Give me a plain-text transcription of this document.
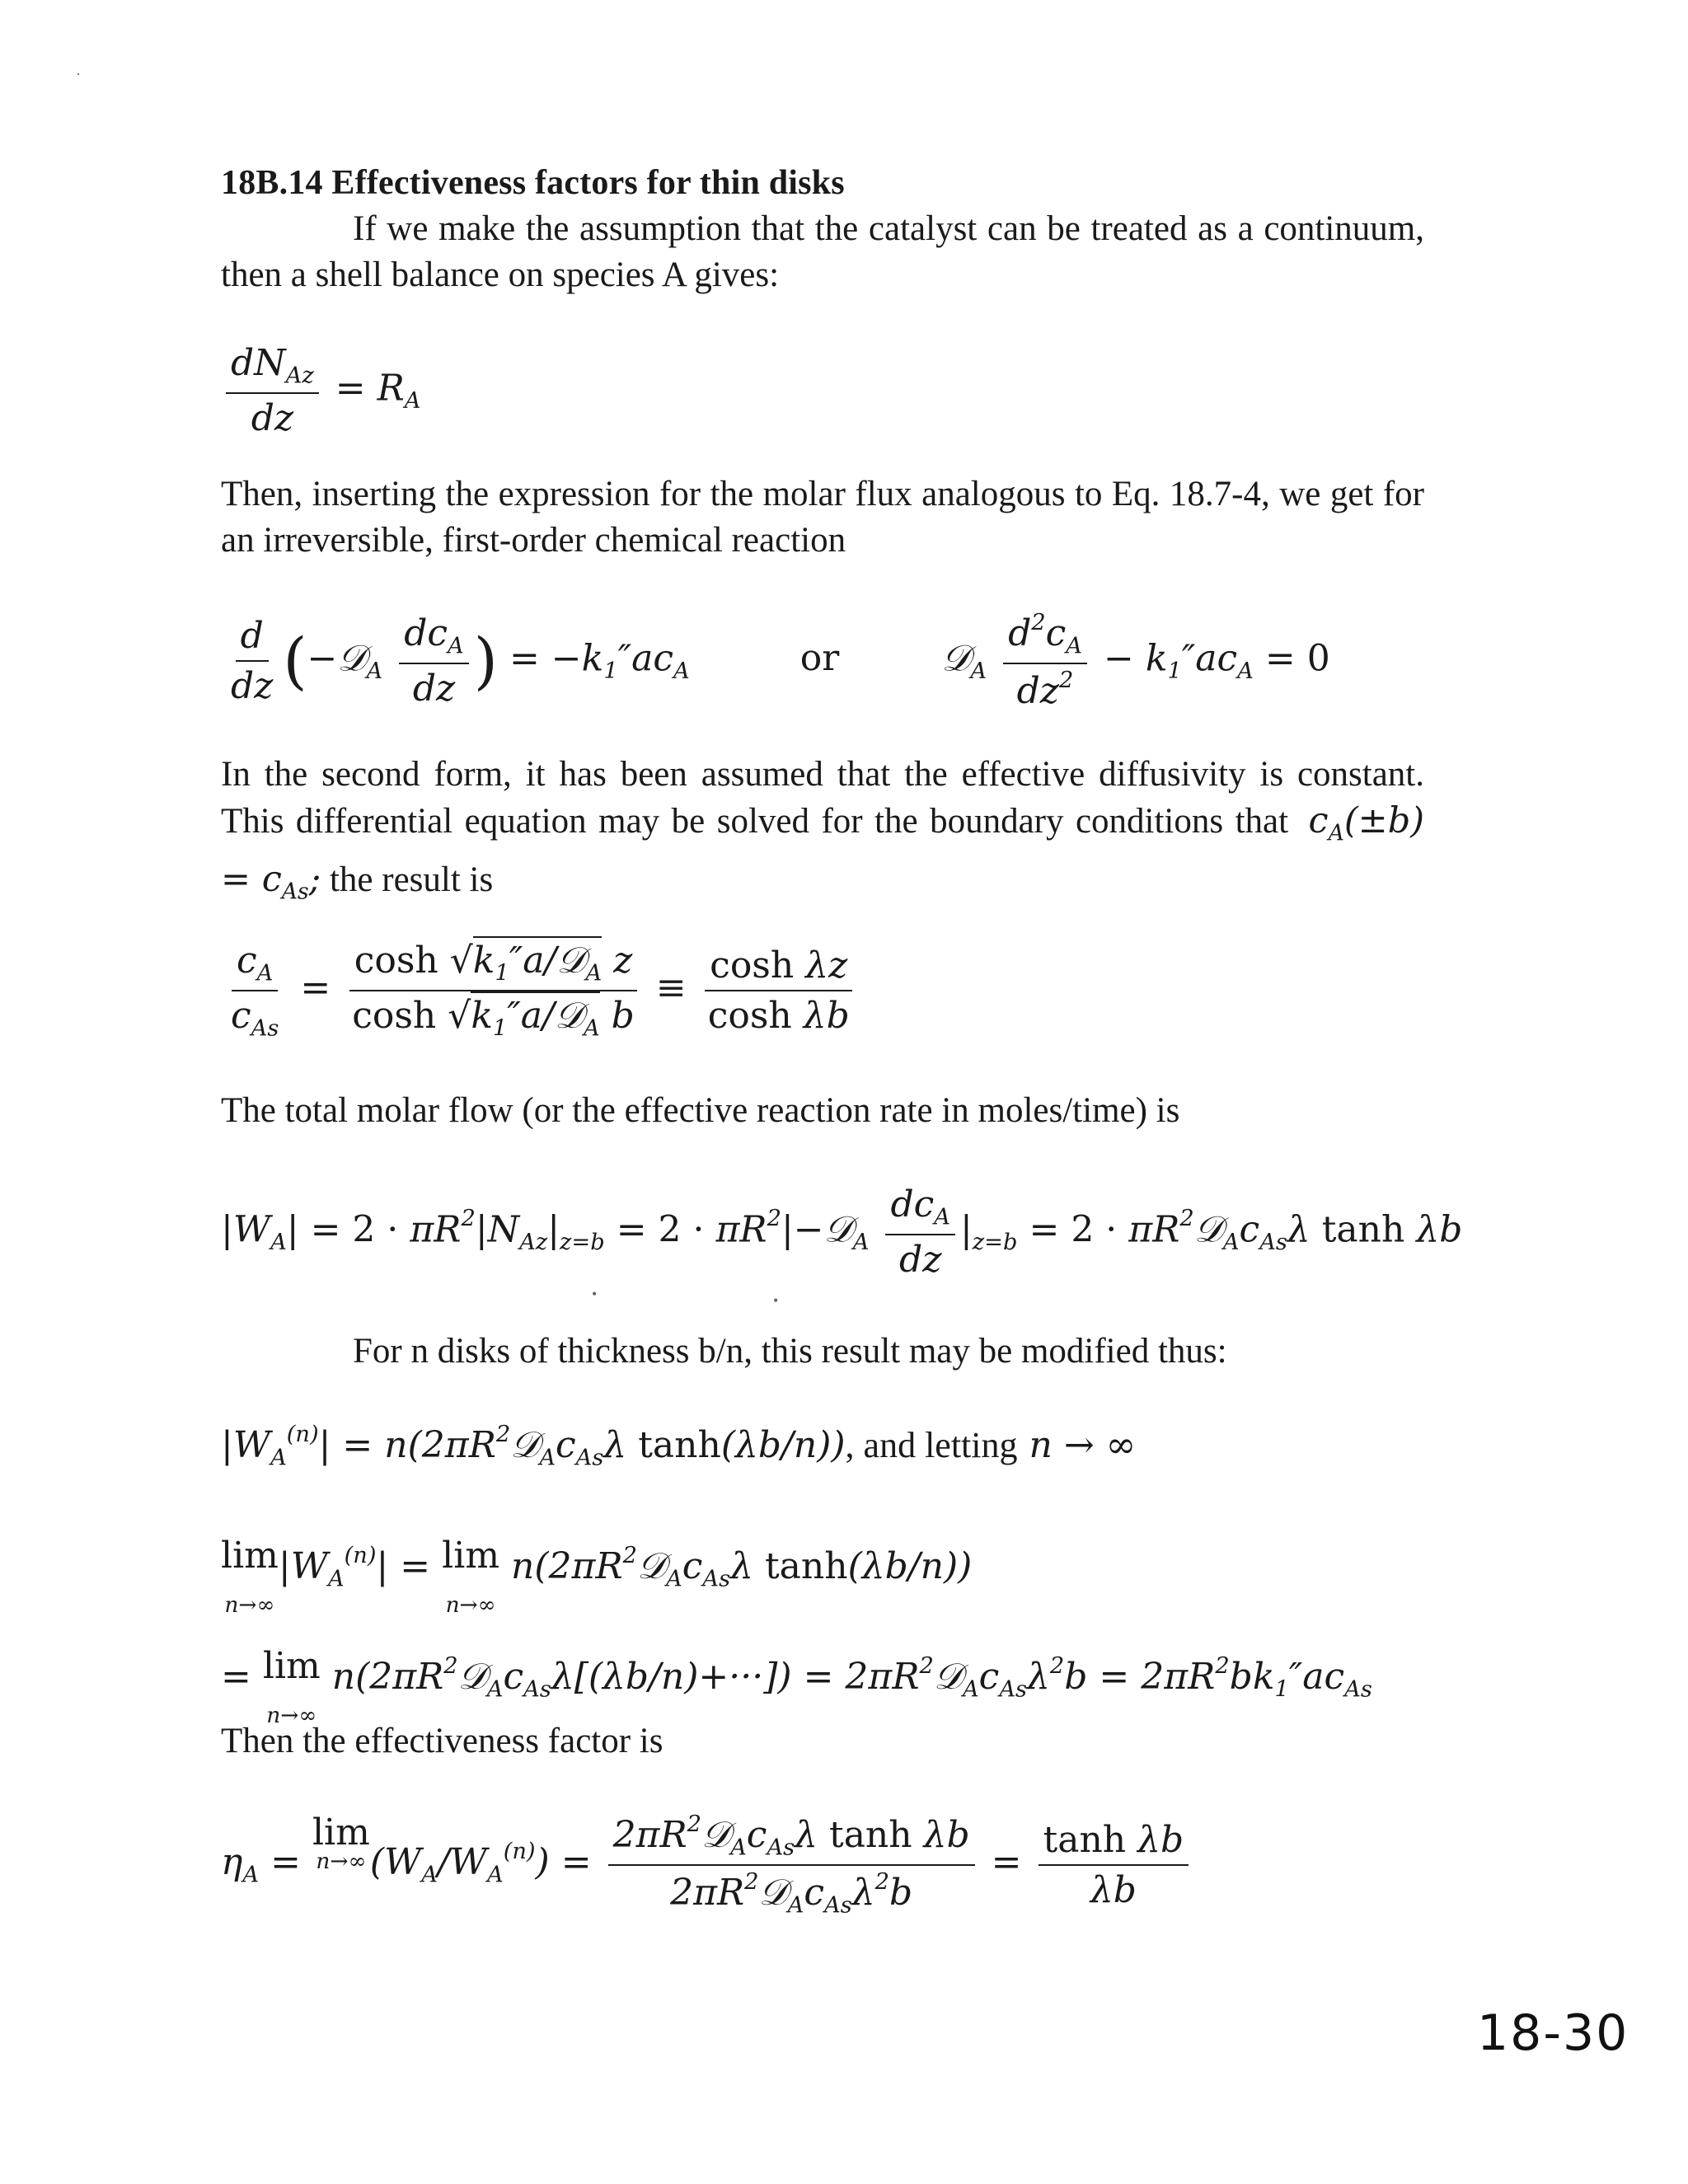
18B.14 Effectiveness factors for thin disks
If we make the assumption that the catalyst can be treated as a continuum, then a shell balance on species A gives:
$\frac{dN_{Az}}{dz} = R_A$
Then, inserting the expression for the molar flux analogous to Eq. 18.7-4, we get for an irreversible, first-order chemical reaction
$\frac{d}{dz}$ (−𝒟$_A$ $\frac{dc_A}{dz}$ ) = $-k_1''ac_A$	or	𝒟$_A$ $\frac{d^2c_A}{dz^2} - k_1''ac_A = 0$
In the second form, it has been assumed that the effective diffusivity is constant. This differential equation may be solved for the boundary conditions that $c_A(\pm b) = c_{As}$; the result is
$\frac{c_A}{c_{As}} = \frac{\cosh √k_1''a/𝒟_A z}{\cosh √k_1''a/𝒟_A b} \equiv \frac{\text{cosh λz}}{\text{cosh λb}}$
The total molar flow (or the effective reaction rate in moles/time) is
$|W_A| = 2 \cdot \pi R^2|N_{Az}|_{z=b} = 2$ · $\pi R^2|-𝒟_A \frac{dc_A}{dz} |_{z=b} = 2$ · $\pi R^2𝒟_Ac_{As}\lambda$ tanh λb
For n disks of thickness b/n, this result may be modified thus:
$|W_A^{(n)}|$ = $n(2\pi R^2𝒟_Ac_{As}\lambda$ tanh(λb/n)), and letting n → ∞
lim
n→∞
$|W_A^{(n)}| = \lim$
n→∞
$n(2\pi R^2𝒟_Ac_{As}\lambda$ tanh(λb/n))
= lim
n→∞
$n(2\pi R^2𝒟_Ac_{As}\lambda[(\lambda b/n)+\cdot\cdot\cdot])$ = $2\pi R^2𝒟_Ac_{As}\lambda^2b = 2\pi R^2bk_1''ac_{As}$
Then the effectiveness factor is
$\eta_A = \lim$
n→∞ $(W_A/W_A^{(n)}) = \frac{2\pi R^2𝒟_Ac_{As}\lambda \tanh \lambda b}{2\pi R^2𝒟_Ac_{As}\lambda^2b} = \frac{\text{tanh λb}}{\lambda b}$
18-30
·
•	•
